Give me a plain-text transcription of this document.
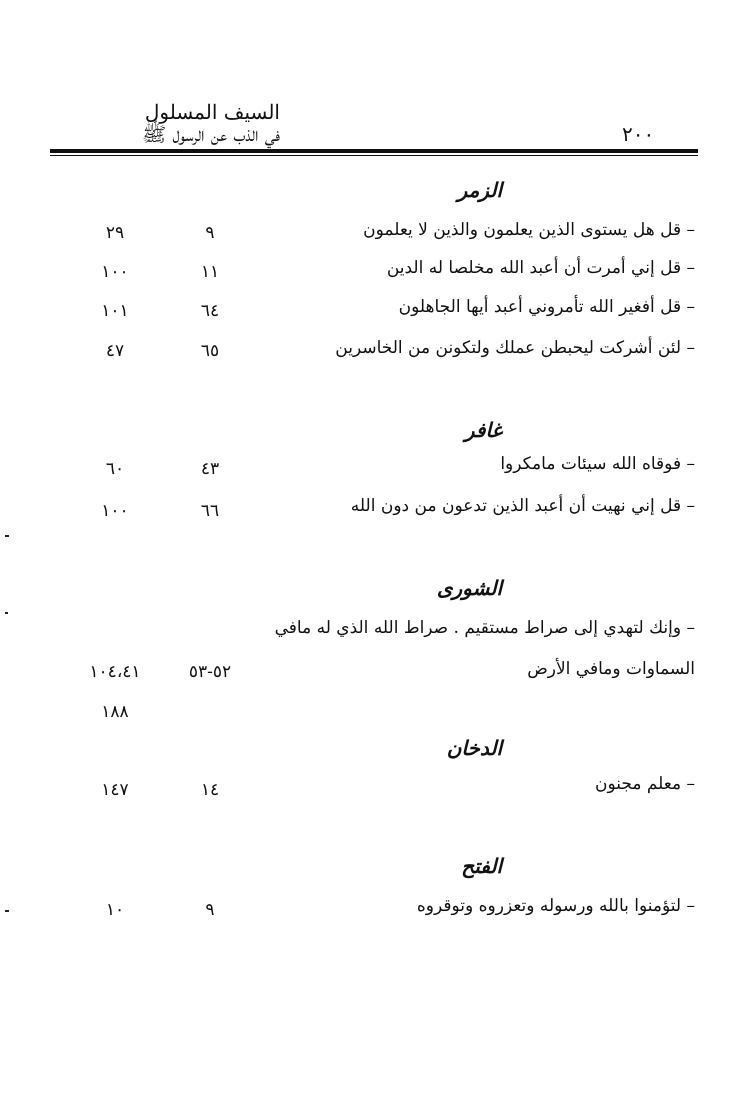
السيف المسلول
في الذب عن الرسول ﷺ	٢٠٠
الزمر
– قل هل يستوى الذين يعلمون والذين لا يعلمون
٩
٢٩
– قل إني أمرت أن أعبد الله مخلصا له الدين
١١
١٠٠
– قل أفغير الله تأمروني أعبد أيها الجاهلون
٦٤
١٠١
– لئن أشركت ليحبطن عملك ولتكونن من الخاسرين
٦٥
٤٧
غافر
– فوقاه الله سيئات مامكروا
٤٣
٦٠
– قل إني نهيت أن أعبد الذين تدعون من دون الله
٦٦
١٠٠
الشورى
– وإنك لتهدي إلى صراط مستقيم . صراط الله الذي له مافي
السماوات ومافي الأرض
٥٢-٥٣
١٠٤،٤١
١٨٨
الدخان
– معلم مجنون
١٤
١٤٧
الفتح
– لتؤمنوا بالله ورسوله وتعزروه وتوقروه
٩
١٠
